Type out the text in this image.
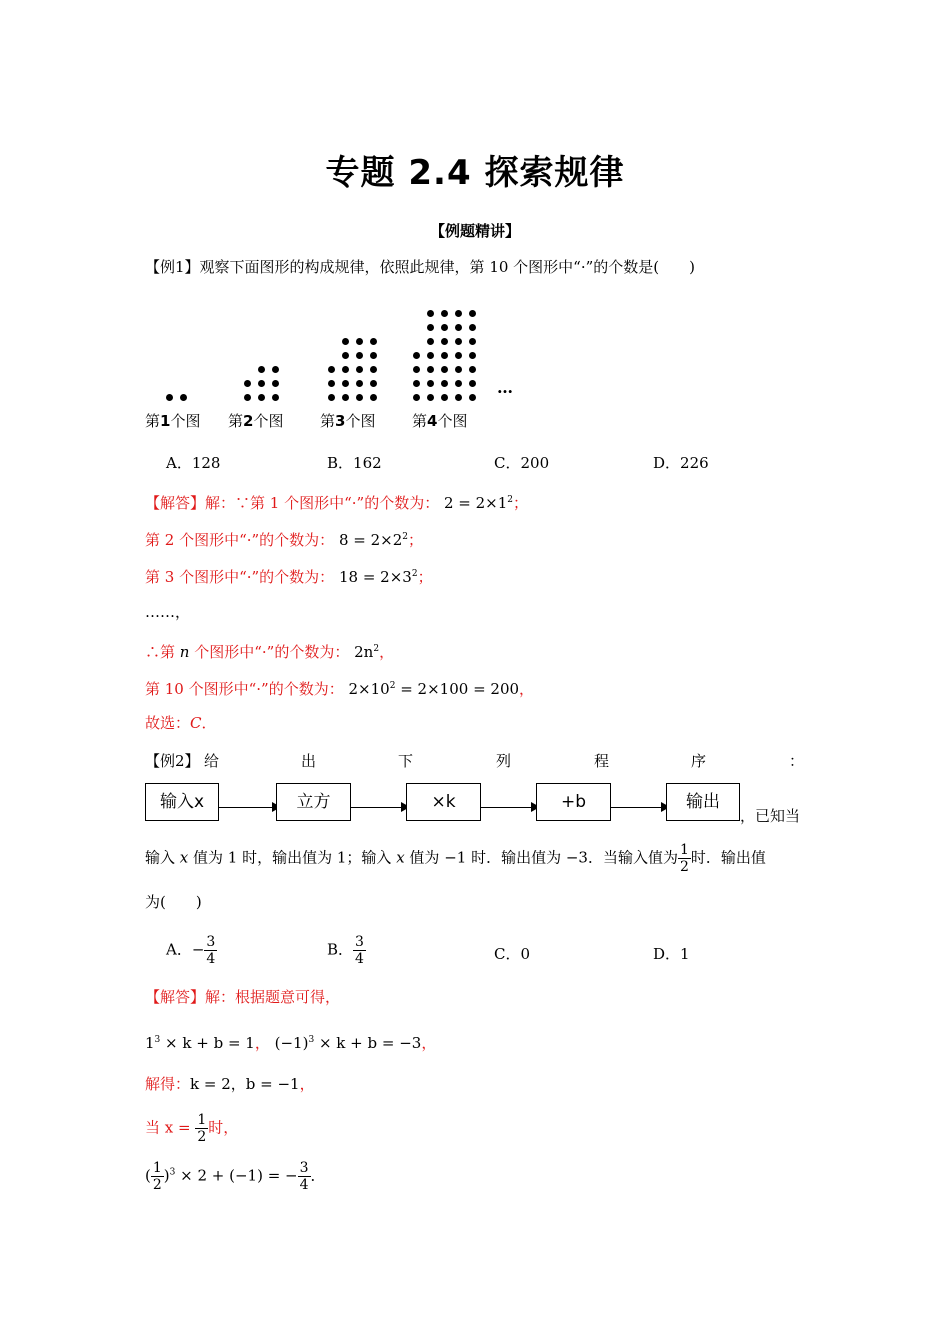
专题 2.4 探索规律
【例题精讲】
【例1】观察下面图形的构成规律，依照此规律，第 10 个图形中“·”的个数是(　　)
…
第1个图 第2个图 第3个图 第4个图
A．128	B．162	C．200	D．226
【解答】解：∵第 1 个图形中“·”的个数为： $2 = 2\times 1^2$；
第 2 个图形中“·”的个数为： $8 = 2\times 2^2$；
第 3 个图形中“·”的个数为： $18 = 2\times 3^2$；
……，
∴第 n 个图形中“·”的个数为： $2n^2$，
第 10 个图形中“·”的个数为： $2\times 10^2 = 2\times 100 = 200$，
故选：C．
【例2】 给	出	下	列	程	序	：
输入x	立方	×k	+b	输出
，已知当
输入 x 值为 1 时，输出值为 1；输入 x 值为 −1 时．输出值为 −3．当输入值为 $\frac{1}{2}$ 时．输出值
为(　　)
A．− $\frac{3}{4}$	B． $\frac{3}{4}$	C．0	D．1
【解答】解：根据题意可得，
$1^3 \times k + b = 1$， $(-1)^3 \times k + b = -3$，
解得：k = 2，b = −1，
当 $x = \frac{1}{2}$ 时，
( $\frac{1}{2} )^3 \times 2 + (-1)$ = − $\frac{3}{4}$ ．
